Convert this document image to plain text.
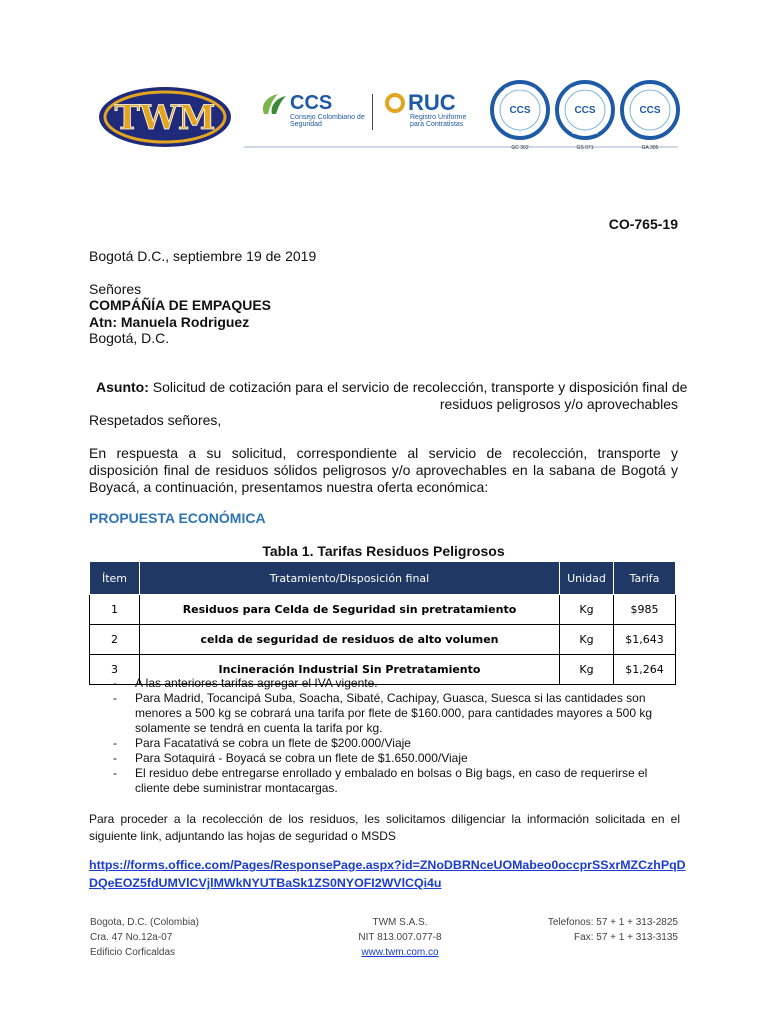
TWM	CCS
Consejo Colombiano de Seguridad
RUC
Registro Uniforme para Contratistas
CERTIFICACIÓN
CCS
ISO 9001
GC 302
CERTIFICACIÓN
CCS
OHSAS 18001
GS 071
CERTIFICACIÓN
CCS
ISO 14001
GA 305
CO-765-19
Bogotá D.C., septiembre 19 de 2019
Señores
COMPÁÑÍA DE EMPAQUES
Atn: Manuela Rodriguez
Bogotá, D.C.
Asunto: Solicitud de cotización para el servicio de recolección, transporte y disposición final de
residuos peligrosos y/o aprovechables
Respetados señores,
En respuesta a su solicitud, correspondiente al servicio de recolección, transporte y disposición final de residuos sólidos peligrosos y/o aprovechables en la sabana de Bogotá y Boyacá, a continuación, presentamos nuestra oferta económica:
PROPUESTA ECONÓMICA
Tabla 1. Tarifas Residuos Peligrosos
Ítem	Tratamiento/Disposición final	Unidad	Tarifa
1	Residuos para Celda de Seguridad sin pretratamiento	Kg	$985
2	celda de seguridad de residuos de alto volumen	Kg	$1,643
3	Incineración Industrial Sin Pretratamiento	Kg	$1,264
- A las anteriores tarifas agregar el IVA vigente.
- Para Madrid, Tocancipá Suba, Soacha, Sibaté, Cachipay, Guasca, Suesca si las cantidades son menores a 500 kg se cobrará una tarifa por flete de $160.000, para cantidades mayores a 500 kg solamente se tendrá en cuenta la tarifa por kg.
- Para Facatativá se cobra un flete de $200.000/Viaje
- Para Sotaquirá - Boyacá se cobra un flete de $1.650.000/Viaje
- El residuo debe entregarse enrollado y embalado en bolsas o Big bags, en caso de requerirse el cliente debe suministrar montacargas.
Para proceder a la recolección de los residuos, les solicitamos diligenciar la información solicitada en el siguiente link, adjuntando las hojas de seguridad o MSDS
https://forms.office.com/Pages/ResponsePage.aspx?id=ZNoDBRNceUOMabeo0occprSSxrMZCzhPqDDQeEOZ5fdUMVlCVjlMWkNYUTBaSk1ZS0NYOFI2WVlCQi4u
Bogota, D.C. (Colombia)
Cra. 47 No.12a-07
Edificio Corficaldas
TWM S.A.S.
NIT 813.007.077-8
www.twm.com.co
Telefonos: 57 + 1 + 313-2825
Fax: 57 + 1 + 313-3135
